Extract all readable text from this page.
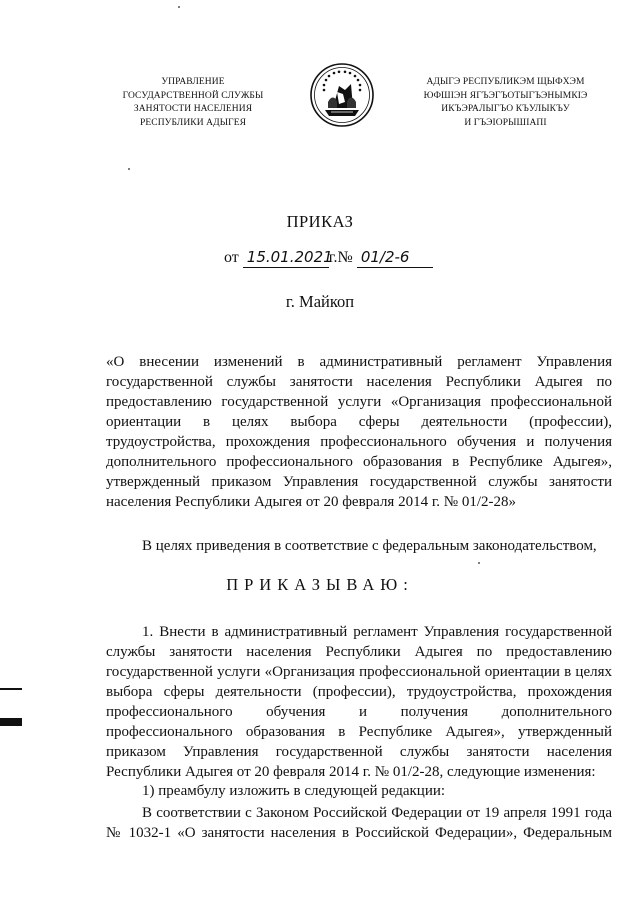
УПРАВЛЕНИЕ
ГОСУДАРСТВЕННОЙ СЛУЖБЫ
ЗАНЯТОСТИ НАСЕЛЕНИЯ
РЕСПУБЛИКИ АДЫГЕЯ
АДЫГЭ РЕСПУБЛИКЭМ ЩЫФХЭМ
ЮФШIЭН ЯГЪЭГЪОТЫГЪЭНЫМКIЭ
ИКЪЭРАЛЫГЪО КЪУЛЫКЪУ
И ГЪЭIОРЫШIАПI
ПРИКАЗ
от 15.01.2021г.№ 01/2-6
г. Майкоп
«О внесении изменений в административный регламент Управления
государственной службы занятости населения Республики Адыгея по
предоставлению государственной услуги «Организация профессиональной
ориентации в целях выбора сферы деятельности (профессии),
трудоустройства, прохождения профессионального обучения и получения
дополнительного профессионального образования в Республике Адыгея»,
утвержденный приказом Управления государственной службы занятости
населения Республики Адыгея от 20 февраля 2014 г. № 01/2-28»
В целях приведения в соответствие с федеральным законодательством,
ПРИКАЗЫВАЮ:
1. Внести в административный регламент Управления государственной
службы занятости населения Республики Адыгея по предоставлению
государственной услуги «Организация профессиональной ориентации в целях
выбора сферы деятельности (профессии), трудоустройства, прохождения
профессионального обучения и получения дополнительного
профессионального образования в Республике Адыгея», утвержденный
приказом Управления государственной службы занятости населения
Республики Адыгея от 20 февраля 2014 г. № 01/2-28, следующие изменения:
1) преамбулу изложить в следующей редакции:
В соответствии с Законом Российской Федерации от 19 апреля 1991 года
№ 1032-1 «О занятости населения в Российской Федерации», Федеральным
